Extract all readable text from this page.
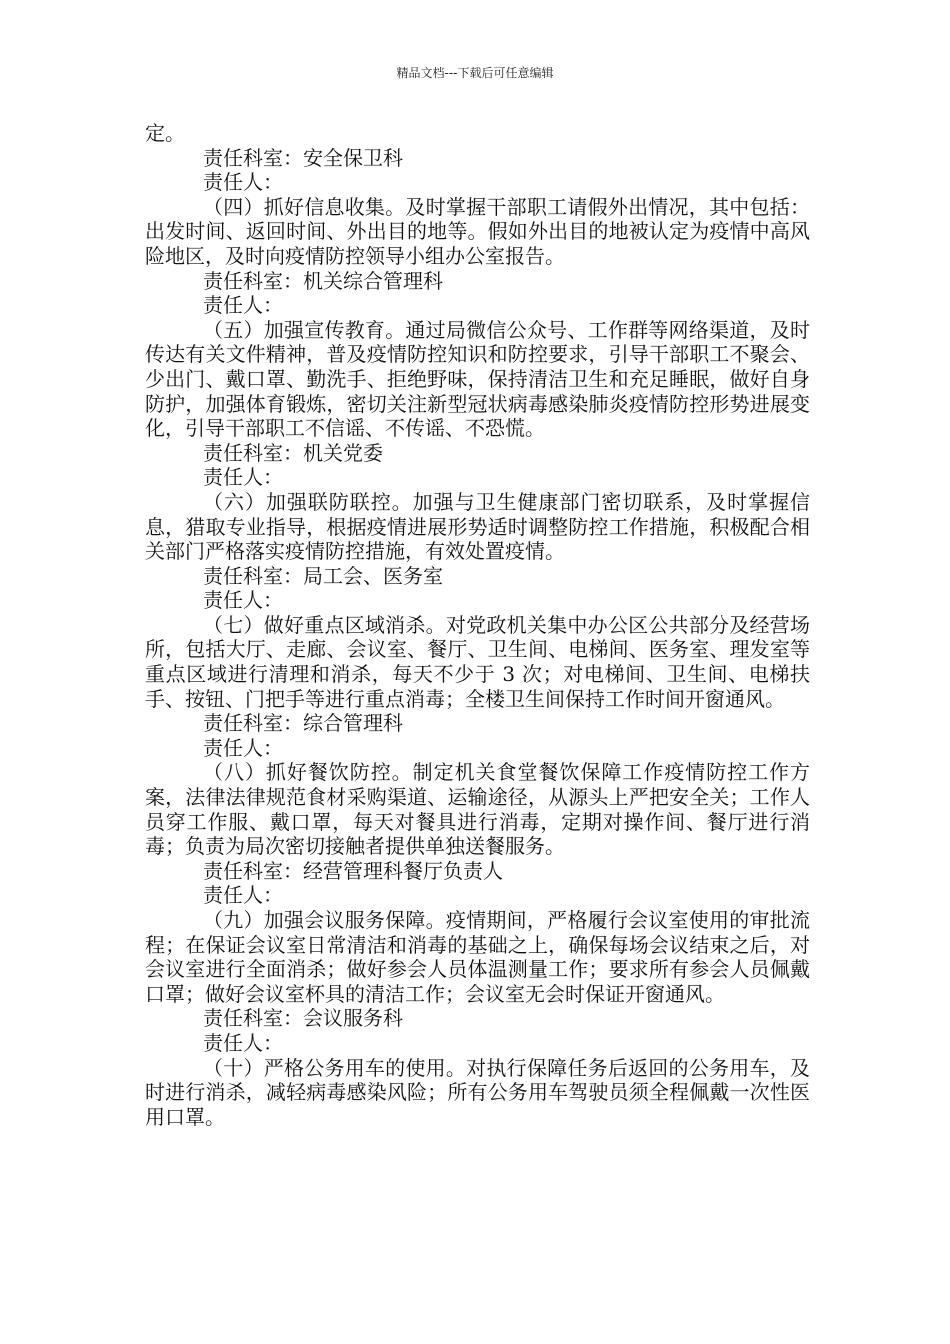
精品文档---下载后可任意编辑

定。

责任科室：安全保卫科

责任人：

（四）抓好信息收集。及时掌握干部职工请假外出情况，其中包括：出发时间、返回时间、外出目的地等。假如外出目的地被认定为疫情中高风险地区，及时向疫情防控领导小组办公室报告。

责任科室：机关综合管理科

责任人：

（五）加强宣传教育。通过局微信公众号、工作群等网络渠道，及时传达有关文件精神，普及疫情防控知识和防控要求，引导干部职工不聚会、少出门、戴口罩、勤洗手、拒绝野味，保持清洁卫生和充足睡眠，做好自身防护，加强体育锻炼，密切关注新型冠状病毒感染肺炎疫情防控形势进展变化，引导干部职工不信谣、不传谣、不恐慌。

责任科室：机关党委

责任人：

（六）加强联防联控。加强与卫生健康部门密切联系，及时掌握信息，猎取专业指导，根据疫情进展形势适时调整防控工作措施，积极配合相关部门严格落实疫情防控措施，有效处置疫情。

责任科室：局工会、医务室

责任人：

（七）做好重点区域消杀。对党政机关集中办公区公共部分及经营场所，包括大厅、走廊、会议室、餐厅、卫生间、电梯间、医务室、理发室等重点区域进行清理和消杀，每天不少于 3 次；对电梯间、卫生间、电梯扶手、按钮、门把手等进行重点消毒；全楼卫生间保持工作时间开窗通风。

责任科室：综合管理科

责任人：

（八）抓好餐饮防控。制定机关食堂餐饮保障工作疫情防控工作方案，法律法律规范食材采购渠道、运输途径，从源头上严把安全关；工作人员穿工作服、戴口罩，每天对餐具进行消毒，定期对操作间、餐厅进行消毒；负责为局次密切接触者提供单独送餐服务。

责任科室：经营管理科餐厅负责人

责任人：

（九）加强会议服务保障。疫情期间，严格履行会议室使用的审批流程；在保证会议室日常清洁和消毒的基础之上，确保每场会议结束之后，对会议室进行全面消杀；做好参会人员体温测量工作；要求所有参会人员佩戴口罩；做好会议室杯具的清洁工作；会议室无会时保证开窗通风。

责任科室：会议服务科

责任人：

（十）严格公务用车的使用。对执行保障任务后返回的公务用车，及时进行消杀，减轻病毒感染风险；所有公务用车驾驶员须全程佩戴一次性医用口罩。
